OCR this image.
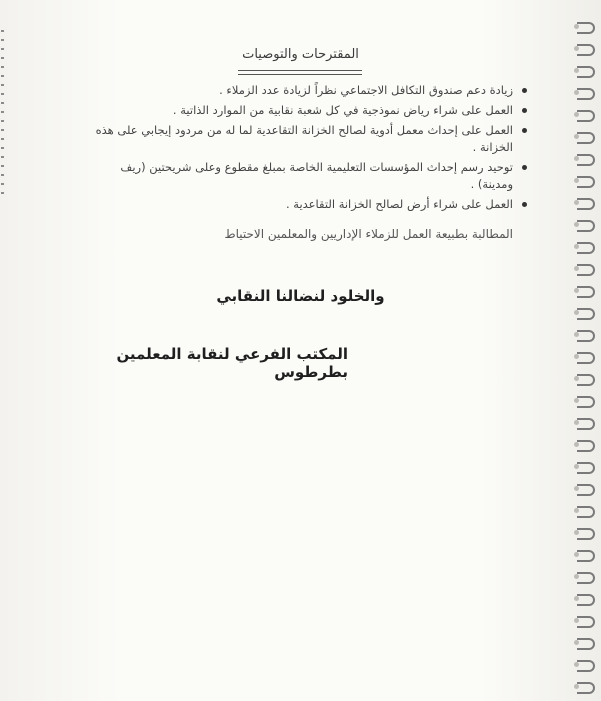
المقترحات والتوصيات
زيادة دعم صندوق التكافل الاجتماعي نظراً لزيادة عدد الزملاء .
العمل على شراء رياض نموذجية في كل شعبة نقابية من الموارد الذاتية .
العمل على إحداث معمل أدوية لصالح الخزانة التقاعدية لما له من مردود إيجابي على هذه الخزانة .
توحيد رسم إحداث المؤسسات التعليمية الخاصة بمبلغ مقطوع وعلى شريحتين (ريف ومدينة) .
العمل على شراء أرض لصالح الخزانة التقاعدية .
المطالبة بطبيعة العمل للزملاء الإداريين والمعلمين الاحتياط
والخلود لنضالنا النقابي
المكتب الفرعي لنقابة المعلمين بطرطوس
